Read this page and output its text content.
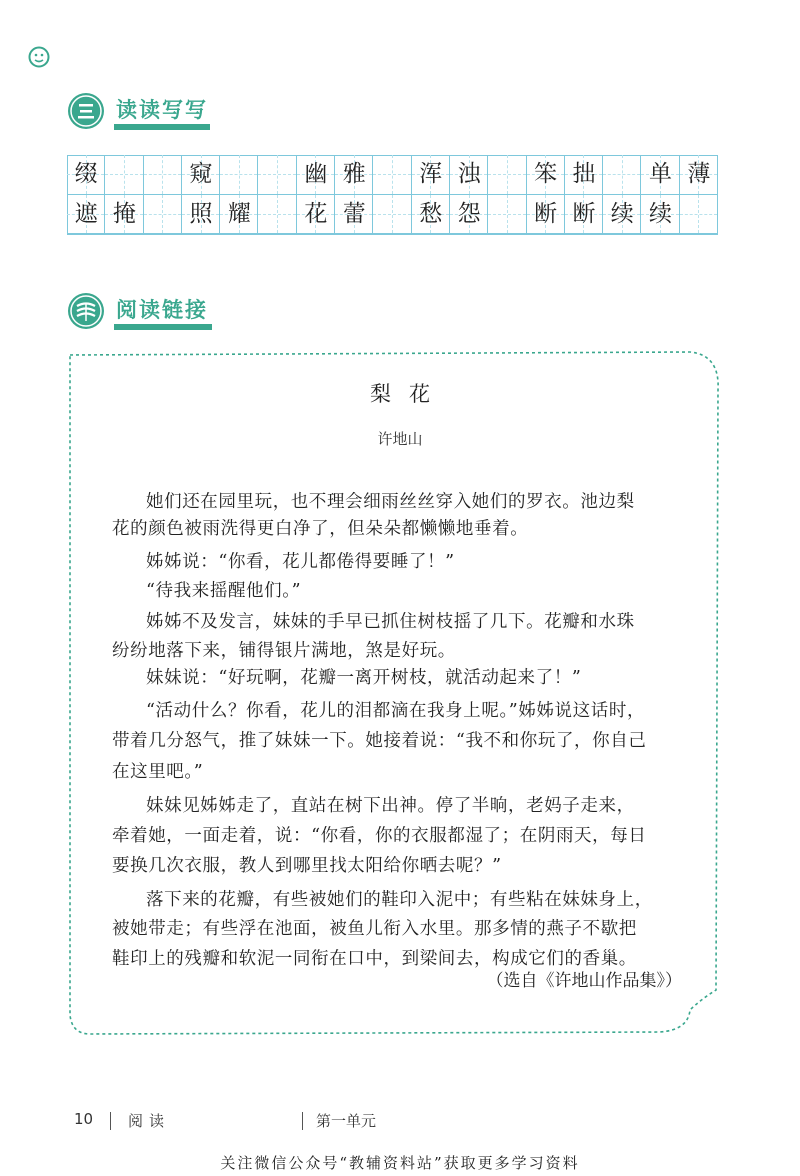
读读写写
缀	窥	幽 雅	浑 浊	笨 拙	单 薄
遮 掩	照 耀	花 蕾	愁 怨	断 断 续 续
阅读链接
梨花
许地山
她们还在园里玩，也不理会细雨丝丝穿入她们的罗衣。池边梨
花的颜色被雨洗得更白净了，但朵朵都懒懒地垂着。
姊姊说：“你看，花儿都倦得要睡了！”
“待我来摇醒他们。”
姊姊不及发言，妹妹的手早已抓住树枝摇了几下。花瓣和水珠
纷纷地落下来，铺得银片满地，煞是好玩。
妹妹说：“好玩啊，花瓣一离开树枝，就活动起来了！”
“活动什么？你看，花儿的泪都滴在我身上呢。”姊姊说这话时，
带着几分怒气，推了妹妹一下。她接着说：“我不和你玩了，你自己
在这里吧。”
妹妹见姊姊走了，直站在树下出神。停了半晌，老妈子走来，
牵着她，一面走着，说：“你看，你的衣服都湿了；在阴雨天，每日
要换几次衣服，教人到哪里找太阳给你晒去呢？”
落下来的花瓣，有些被她们的鞋印入泥中；有些粘在妹妹身上，
被她带走；有些浮在池面，被鱼儿衔入水里。那多情的燕子不歇把
鞋印上的残瓣和软泥一同衔在口中，到梁间去，构成它们的香巢。
（选自《许地山作品集》）
10 阅读	第一单元
关注微信公众号“教辅资料站”获取更多学习资料
